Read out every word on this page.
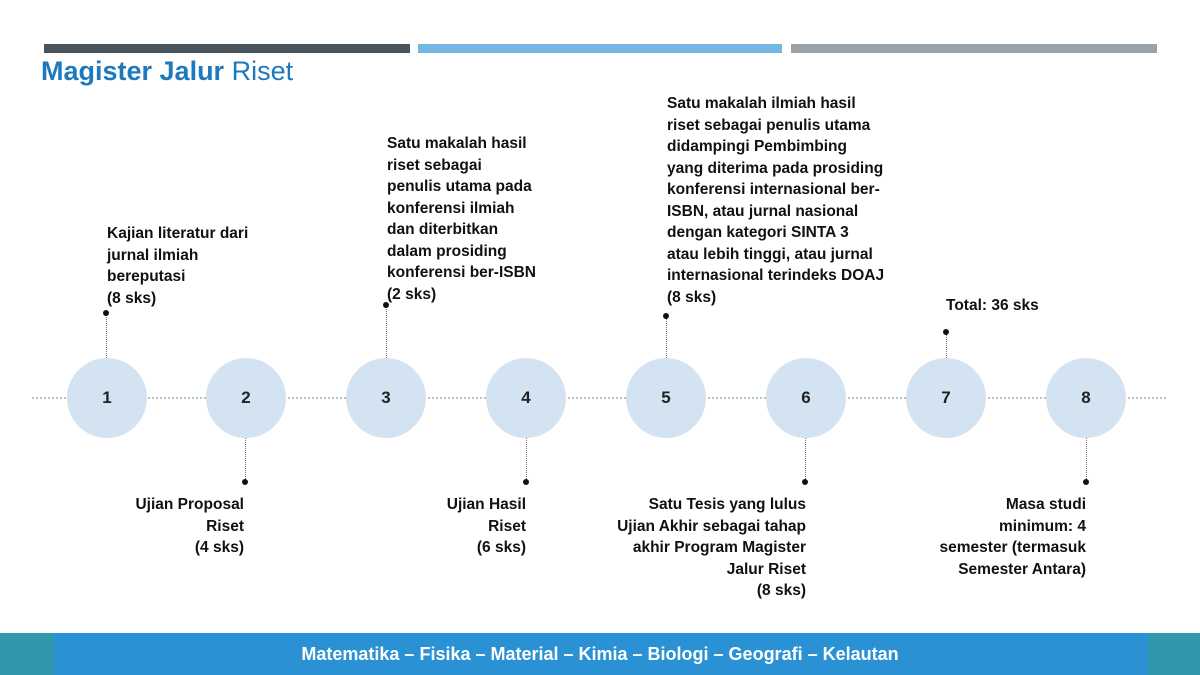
Magister Jalur Riset
Kajian literatur dari
jurnal ilmiah
bereputasi
(8 sks)
1
Ujian Proposal
Riset
(4 sks)
2
Satu makalah hasil
riset sebagai
penulis utama pada
konferensi ilmiah
dan diterbitkan
dalam prosiding
konferensi ber-ISBN
(2 sks)
3
Ujian Hasil
Riset
(6 sks)
4
Satu makalah ilmiah hasil
riset sebagai penulis utama
didampingi Pembimbing
yang diterima pada prosiding
konferensi internasional ber-
ISBN, atau jurnal nasional
dengan kategori SINTA 3
atau lebih tinggi, atau jurnal
internasional terindeks DOAJ
(8 sks)
5
Satu Tesis yang lulus
Ujian Akhir sebagai tahap
akhir Program Magister
Jalur Riset
(8 sks)
6
Total: 36 sks
7
Masa studi
minimum: 4
semester (termasuk
Semester Antara)
8
Matematika – Fisika – Material – Kimia – Biologi – Geografi – Kelautan
